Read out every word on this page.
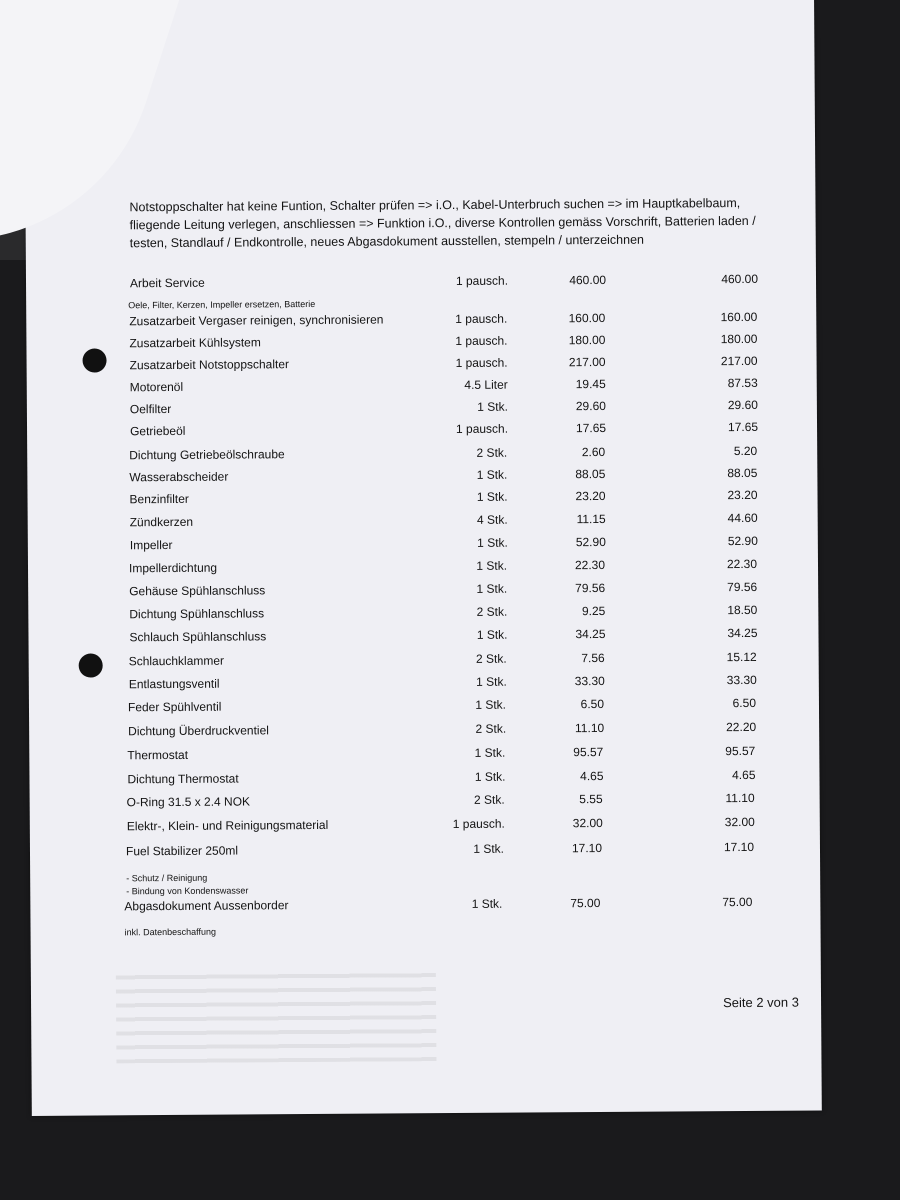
Notstoppschalter hat keine Funtion, Schalter prüfen => i.O., Kabel-Unterbruch suchen => im Hauptkabelbaum, fliegende Leitung verlegen, anschliessen => Funktion i.O., diverse Kontrollen gemäss Vorschrift, Batterien laden / testen, Standlauf / Endkontrolle, neues Abgasdokument ausstellen, stempeln / unterzeichnen
Arbeit Service	1 pausch.	460.00	460.00
Zusatzarbeit Vergaser reinigen, synchronisieren	1 pausch.	160.00	160.00
Zusatzarbeit Kühlsystem	1 pausch.	180.00	180.00
Zusatzarbeit Notstoppschalter	1 pausch.	217.00	217.00
Motorenöl	4.5 Liter	19.45	87.53
Oelfilter	1 Stk.	29.60	29.60
Getriebeöl	1 pausch.	17.65	17.65
Dichtung Getriebeölschraube	2 Stk.	2.60	5.20
Wasserabscheider	1 Stk.	88.05	88.05
Benzinfilter	1 Stk.	23.20	23.20
Zündkerzen	4 Stk.	11.15	44.60
Impeller	1 Stk.	52.90	52.90
Impellerdichtung	1 Stk.	22.30	22.30
Gehäuse Spühlanschluss	1 Stk.	79.56	79.56
Dichtung Spühlanschluss	2 Stk.	9.25	18.50
Schlauch Spühlanschluss	1 Stk.	34.25	34.25
Schlauchklammer	2 Stk.	7.56	15.12
Entlastungsventil	1 Stk.	33.30	33.30
Feder Spühlventil	1 Stk.	6.50	6.50
Dichtung Überdruckventiel	2 Stk.	11.10	22.20
Thermostat	1 Stk.	95.57	95.57
Dichtung Thermostat	1 Stk.	4.65	4.65
O-Ring 31.5 x 2.4 NOK	2 Stk.	5.55	11.10
Elektr-, Klein- und Reinigungsmaterial	1 pausch.	32.00	32.00
Fuel Stabilizer 250ml	1 Stk.	17.10	17.10
Abgasdokument Aussenborder	1 Stk.	75.00	75.00
Oele, Filter, Kerzen, Impeller ersetzen, Batterie
- Schutz / Reinigung
- Bindung von Kondenswasser
inkl. Datenbeschaffung
Seite 2 von 3
